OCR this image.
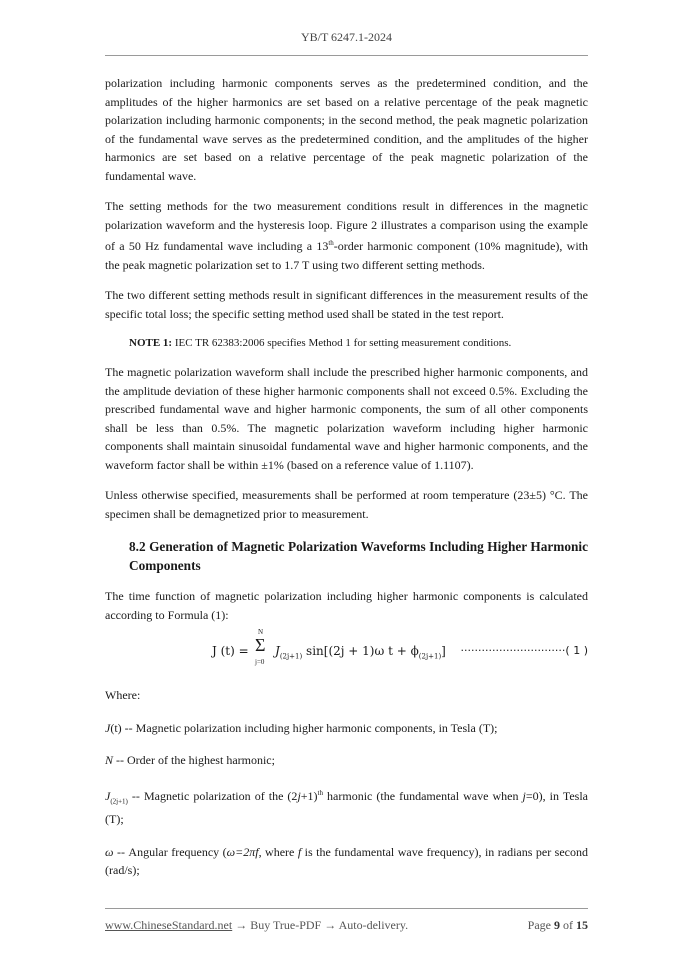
YB/T 6247.1-2024

polarization including harmonic components serves as the predetermined condition, and the amplitudes of the higher harmonics are set based on a relative percentage of the peak magnetic polarization including harmonic components; in the second method, the peak magnetic polarization of the fundamental wave serves as the predetermined condition, and the amplitudes of the higher harmonics are set based on a relative percentage of the peak magnetic polarization of the fundamental wave.

The setting methods for the two measurement conditions result in differences in the magnetic polarization waveform and the hysteresis loop. Figure 2 illustrates a comparison using the example of a 50 Hz fundamental wave including a 13th-order harmonic component (10% magnitude), with the peak magnetic polarization set to 1.7 T using two different setting methods.

The two different setting methods result in significant differences in the measurement results of the specific total loss; the specific setting method used shall be stated in the test report.

NOTE 1: IEC TR 62383:2006 specifies Method 1 for setting measurement conditions.

The magnetic polarization waveform shall include the prescribed higher harmonic components, and the amplitude deviation of these higher harmonic components shall not exceed 0.5%. Excluding the prescribed fundamental wave and higher harmonic components, the sum of all other components shall be less than 0.5%. The magnetic polarization waveform including higher harmonic components shall maintain sinusoidal fundamental wave and higher harmonic components, and the waveform factor shall be within ±1% (based on a reference value of 1.1107).

Unless otherwise specified, measurements shall be performed at room temperature (23±5) °C. The specimen shall be demagnetized prior to measurement.

8.2 Generation of Magnetic Polarization Waveforms Including Higher Harmonic Components

The time function of magnetic polarization including higher harmonic components is calculated according to Formula (1):

J (t) =
N
Σ
j=0
$J_{(2j+1)}$ sin[(2j + 1)ω $t + \phi_{(2j+1)}$] ······························( 1 )

Where:

J(t) -- Magnetic polarization including higher harmonic components, in Tesla (T);

N -- Order of the highest harmonic;

$J_{(2j+1)}$ -- Magnetic polarization of the $(2j+1)^{th}$ harmonic (the fundamental wave when j=0), in Tesla (T);

ω -- Angular frequency (ω=2πf, where f is the fundamental wave frequency), in radians per second (rad/s);

www.ChineseStandard.net → Buy True-PDF → Auto-delivery.	Page 9 of 15
